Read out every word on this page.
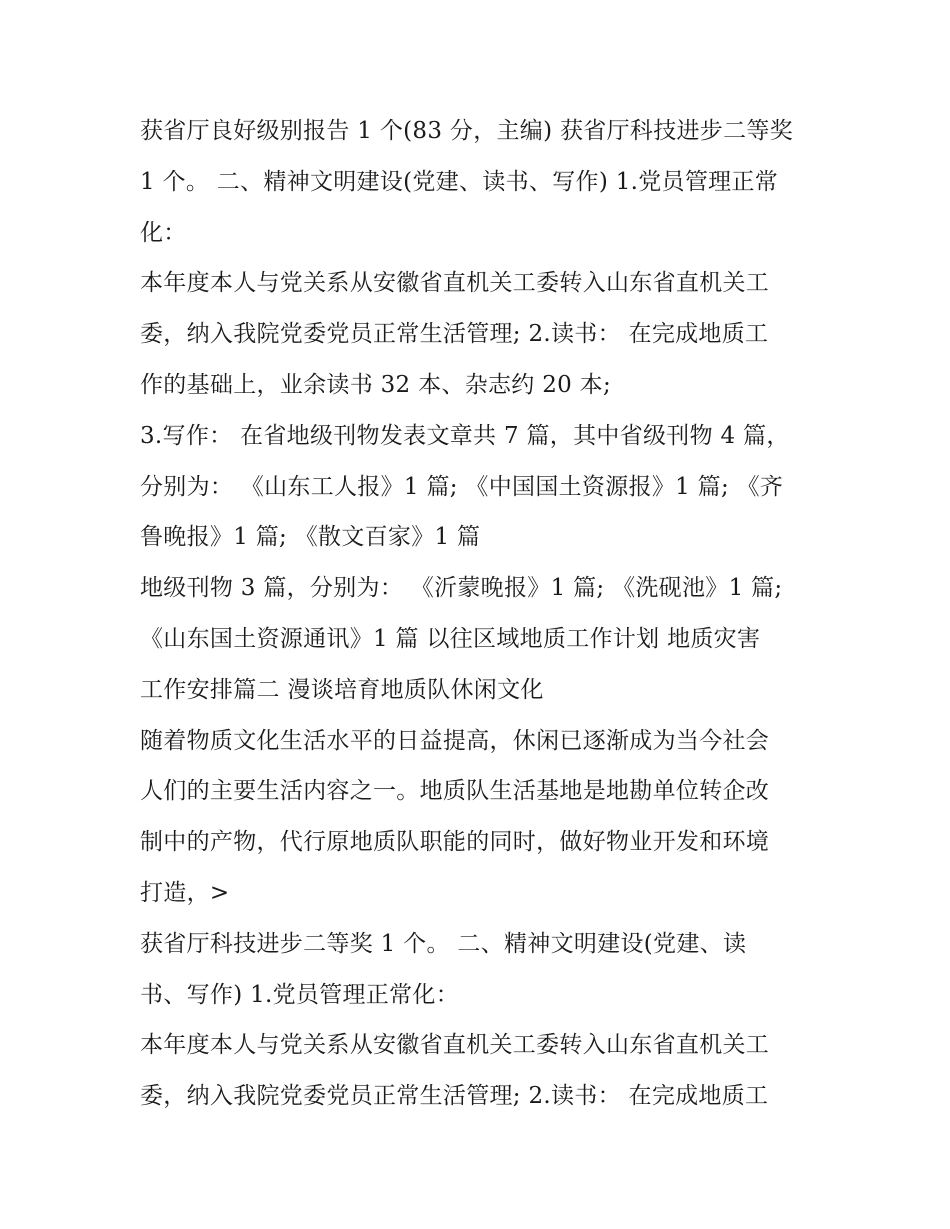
获省厅良好级别报告 1 个(83 分，主编) 获省厅科技进步二等奖
1 个。 二、精神文明建设(党建、读书、写作) 1.党员管理正常
化：
本年度本人与党关系从安徽省直机关工委转入山东省直机关工
委，纳入我院党委党员正常生活管理; 2.读书： 在完成地质工
作的基础上，业余读书 32 本、杂志约 20 本;
3.写作： 在省地级刊物发表文章共 7 篇，其中省级刊物 4 篇，
分别为： 《山东工人报》1 篇; 《中国国土资源报》1 篇; 《齐
鲁晚报》1 篇; 《散文百家》1 篇
地级刊物 3 篇，分别为： 《沂蒙晚报》1 篇; 《洗砚池》1 篇;
《山东国土资源通讯》1 篇 以往区域地质工作计划 地质灾害
工作安排篇二 漫谈培育地质队休闲文化
随着物质文化生活水平的日益提高，休闲已逐渐成为当今社会
人们的主要生活内容之一。地质队生活基地是地勘单位转企改
制中的产物，代行原地质队职能的同时，做好物业开发和环境
打造，>
获省厅科技进步二等奖 1 个。 二、精神文明建设(党建、读
书、写作) 1.党员管理正常化：
本年度本人与党关系从安徽省直机关工委转入山东省直机关工
委，纳入我院党委党员正常生活管理; 2.读书： 在完成地质工
